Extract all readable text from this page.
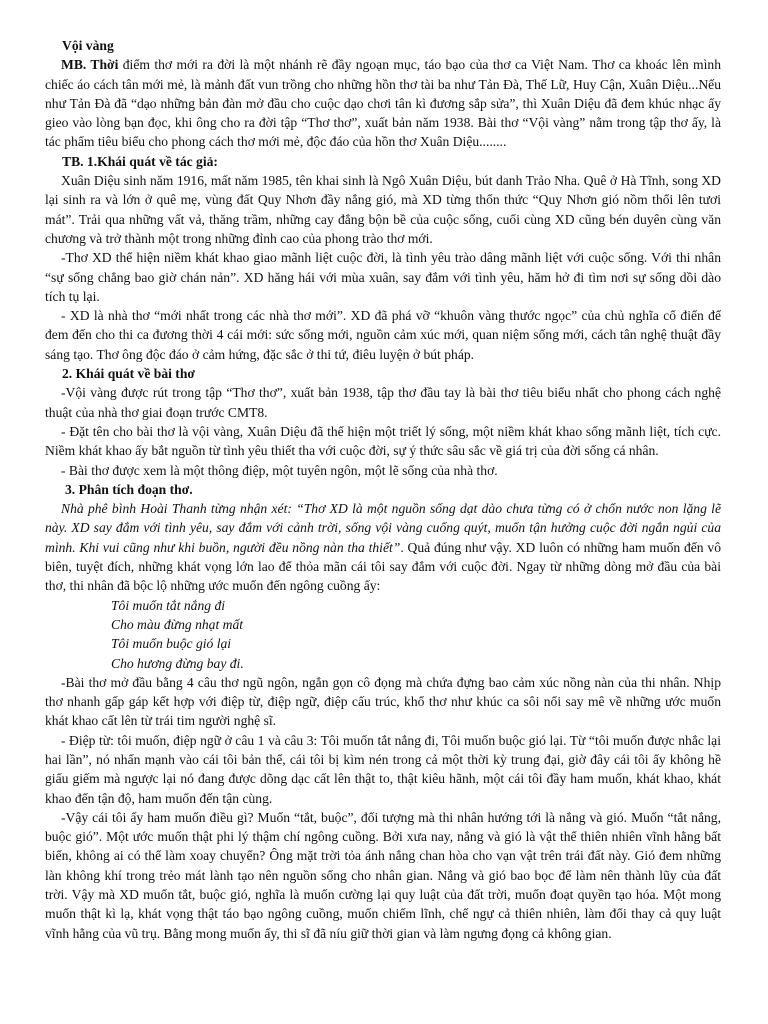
Vội vàng

MB. Thời điểm thơ mới ra đời là một nhánh rẽ đầy ngoạn mục, táo bạo của thơ ca Việt Nam. Thơ ca khoác lên mình chiếc áo cách tân mới mẻ, là mảnh đất vun trồng cho những hồn thơ tài ba như Tản Đà, Thế Lữ, Huy Cận, Xuân Diệu...Nếu như Tản Đà đã “dạo những bản đàn mở đầu cho cuộc dạo chơi tân kì đương sắp sửa”, thì Xuân Diệu đã đem khúc nhạc ấy gieo vào lòng bạn đọc, khi ông cho ra đời tập “Thơ thơ”, xuất bản năm 1938. Bài thơ “Vội vàng” nằm trong tập thơ ấy, là tác phẩm tiêu biểu cho phong cách thơ mới mẻ, độc đáo của hồn thơ Xuân Diệu........

TB. 1.Khái quát về tác giả:

Xuân Diệu sinh năm 1916, mất năm 1985, tên khai sinh là Ngô Xuân Diệu, bút danh Trảo Nha. Quê ở Hà Tĩnh, song XD lại sinh ra và lớn ở quê mẹ, vùng đất Quy Nhơn đầy nắng gió, mà XD từng thốn thức “Quy Nhơn gió nồm thổi lên tươi mát”. Trải qua những vất vả, thăng trầm, những cay đắng bộn bề của cuộc sống, cuối cùng XD cũng bén duyên cùng văn chương và trở thành một trong những đỉnh cao của phong trào thơ mới.

-Thơ XD thể hiện niềm khát khao giao mãnh liệt cuộc đời, là tình yêu trào dâng mãnh liệt với cuộc sống. Với thi nhân “sự sống chẳng bao giờ chán nản”. XD hăng hái với mùa xuân, say đắm với tình yêu, hăm hở đi tìm nơi sự sống dồi dào tích tụ lại.

- XD là nhà thơ “mới nhất trong các nhà thơ mới”. XD đã phá vỡ “khuôn vàng thước ngọc” của chủ nghĩa cổ điển để đem đến cho thi ca đương thời 4 cái mới: sức sống mới, nguồn cảm xúc mới, quan niệm sống mới, cách tân nghệ thuật đầy sáng tạo. Thơ ông độc đáo ở cảm hứng, đặc sắc ở thi tứ, điêu luyện ở bút pháp.

2. Khái quát về bài thơ

-Vội vàng được rút trong tập “Thơ thơ”, xuất bản 1938, tập thơ đầu tay là bài thơ tiêu biểu nhất cho phong cách nghệ thuật của nhà thơ giai đoạn trước CMT8.

- Đặt tên cho bài thơ là vội vàng, Xuân Diệu đã thể hiện một triết lý sống, một niềm khát khao sống mãnh liệt, tích cực. Niềm khát khao ấy bắt nguồn từ tình yêu thiết tha với cuộc đời, sự ý thức sâu sắc về giá trị của đời sống cá nhân.

- Bài thơ được xem là một thông điệp, một tuyên ngôn, một lẽ sống của nhà thơ.

3. Phân tích đoạn thơ.

Nhà phê bình Hoài Thanh từng nhận xét: “Thơ XD là một nguồn sống dạt dào chưa từng có ở chốn nước non lặng lẽ này. XD say đắm với tình yêu, say đắm với cảnh trời, sống vội vàng cuống quýt, muốn tận hưởng cuộc đời ngắn ngủi của mình. Khi vui cũng như khi buồn, người đều nồng nàn tha thiết”. Quả đúng như vậy. XD luôn có những ham muốn đến vô biên, tuyệt đích, những khát vọng lớn lao để thỏa mãn cái tôi say đắm với cuộc đời. Ngay từ những dòng mở đầu của bài thơ, thi nhân đã bộc lộ những ước muốn đến ngông cuồng ấy:

Tôi muốn tắt nắng đi

Cho màu đừng nhạt mất

Tôi muốn buộc gió lại

Cho hương đừng bay đi.

-Bài thơ mở đầu bằng 4 câu thơ ngũ ngôn, ngắn gọn cô đọng mà chứa đựng bao cảm xúc nồng nàn của thi nhân. Nhịp thơ nhanh gấp gáp kết hợp với điệp từ, điệp ngữ, điệp cấu trúc, khổ thơ như khúc ca sôi nổi say mê về những ước muốn khát khao cất lên từ trái tim người nghệ sĩ.

- Điệp từ: tôi muốn, điệp ngữ ở câu 1 và câu 3: Tôi muốn tắt nắng đi, Tôi muốn buộc gió lại. Từ “tôi muốn được nhắc lại hai lần”, nó nhấn mạnh vào cái tôi bản thể, cái tôi bị kìm nén trong cả một thời kỳ trung đại, giờ đây cái tôi ấy không hề giấu giếm mà ngược lại nó đang được dõng dạc cất lên thật to, thật kiêu hãnh, một cái tôi đầy ham muốn, khát khao, khát khao đến tận độ, ham muốn đến tận cùng.

-Vậy cái tôi ấy ham muốn điều gì? Muốn “tắt, buộc”, đối tượng mà thi nhân hướng tới là nắng và gió. Muốn “tắt nắng, buộc gió”. Một ước muốn thật phi lý thậm chí ngông cuồng. Bởi xưa nay, nắng và gió là vật thể thiên nhiên vĩnh hằng bất biến, không ai có thể làm xoay chuyển? Ông mặt trời tỏa ánh nắng chan hòa cho vạn vật trên trái đất này. Gió đem những làn không khí trong trẻo mát lành tạo nên nguồn sống cho nhân gian. Nắng và gió bao bọc để làm nên thành lũy của đất trời. Vậy mà XD muốn tắt, buộc gió, nghĩa là muốn cường lại quy luật của đất trời, muốn đoạt quyền tạo hóa. Một mong muốn thật kì lạ, khát vọng thật táo bạo ngông cuồng, muốn chiếm lĩnh, chế ngự cả thiên nhiên, làm đổi thay cả quy luật vĩnh hằng của vũ trụ. Bằng mong muốn ấy, thi sĩ đã níu giữ thời gian và làm ngưng đọng cả không gian.
